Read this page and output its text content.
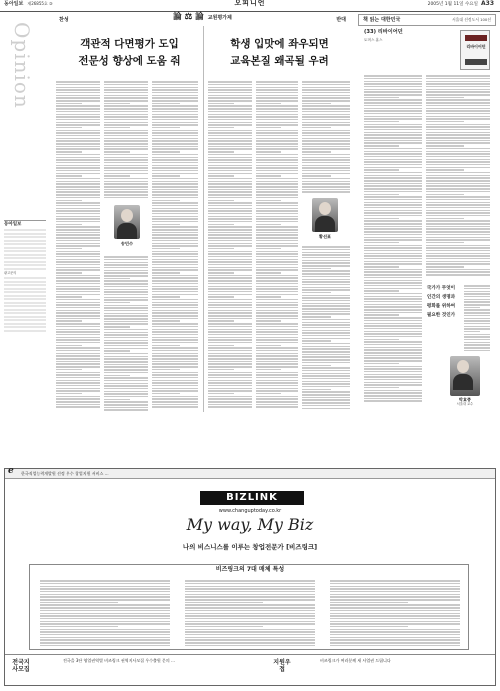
동아일보 제26855호 ③	오피니언	2005년 1월 11일 수요일 A33
Opinion
동아일보
광고문의
찬성	論 ⚖ 論 교원평가제	반대
객관적 다면평가 도입
전문성 향상에 도움 줘
학생 입맛에 좌우되면
교육본질 왜곡될 우려
송민수
황선표
책 읽는 대한민국	서울대 선정도서 100선
(33) 리바이어던
토머스 홉스
리바이어던
국가가 무엇이
인간의 생명과
평화를 위하여
필요한 것인가
박효종
서울대 교수
e 한국직업능력개발원 선정 우수 창업지원 서비스 …
BIZLINK
www.changuptoday.co.kr
My way, My Biz
나의 비스니스를 이루는 창업전문가 [비즈링크]
비즈링크의 7대 매체 특성
전국지사모집
전국을 3단 영업권역별 비즈링크 권역지사모집 우수출원 문의 …	지원우접
비즈링크가 여러분께 새 사업권 드립니다
